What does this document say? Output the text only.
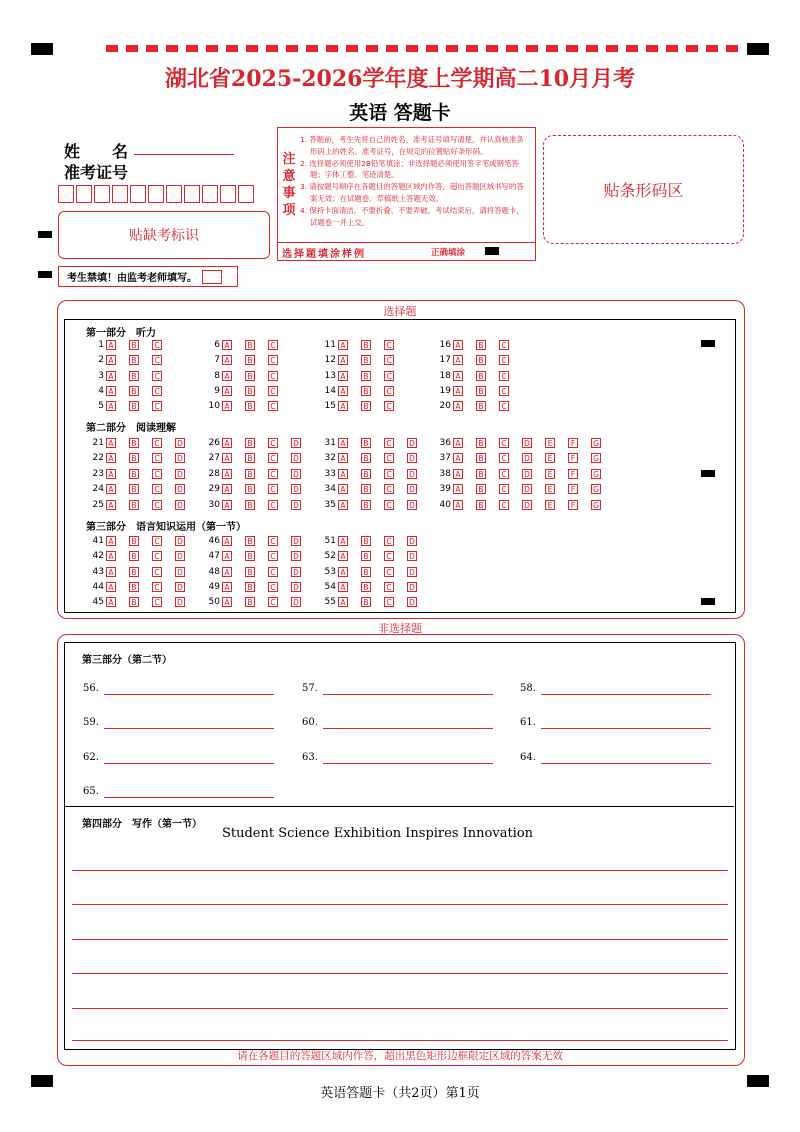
湖北省2025-2026学年度上学期高二10月月考
英语 答题卡
姓　　名
准考证号
贴缺考标识
考生禁填！由监考老师填写。
注
意
事
项
1. 答题前，考生先将自己的姓名、准考证号填写清楚，并认真核准条形码上的姓名、准考证号，在规定的位置贴好条形码。
2. 选择题必须使用2B铅笔填涂；非选择题必须使用签字笔或钢笔答题；字体工整、笔迹清楚。
3. 请按题号顺序在各题目的答题区域内作答，超出答题区域书写的答案无效；在试题卷、草稿纸上答题无效。
4. 保持卡面清洁，不要折叠、不要弄破。考试结束后，请将答题卡，试题卷一并上交。
选择题填涂样例	正确填涂
贴条形码区
选择题
第一部分　听力
第二部分　阅读理解
第三部分　语言知识运用（第一节）
1 A	B	C
2 A	B	C
3 A	B	C
4 A	B	C
5 A	B	C
6 A	B	C
7 A	B	C
8 A	B	C
9 A	B	C
10 A	B	C
11 A	B	C
12 A	B	C
13 A	B	C
14 A	B	C
15 A	B	C
16 A	B	C
17 A	B	C
18 A	B	C
19 A	B	C
20 A	B	C
21 A	B	C	D
22 A	B	C	D
23 A	B	C	D
24 A	B	C	D
25 A	B	C	D
26 A	B	C	D
27 A	B	C	D
28 A	B	C	D
29 A	B	C	D
30 A	B	C	D
31 A	B	C	D
32 A	B	C	D
33 A	B	C	D
34 A	B	C	D
35 A	B	C	D
36 A	B	C	D	E	F	G
37 A	B	C	D	E	F	G
38 A	B	C	D	E	F	G
39 A	B	C	D	E	F	G
40 A	B	C	D	E	F	G
41 A	B	C	D
42 A	B	C	D
43 A	B	C	D
44 A	B	C	D
45 A	B	C	D
46 A	B	C	D
47 A	B	C	D
48 A	B	C	D
49 A	B	C	D
50 A	B	C	D
51 A	B	C	D
52 A	B	C	D
53 A	B	C	D
54 A	B	C	D
55 A	B	C	D
非选择题
第三部分（第二节）
56.	57.	58.
59.	60.	61.
62.	63.	64.
65.
第四部分　写作（第一节）
Student Science Exhibition Inspires Innovation
请在各题目的答题区域内作答，超出黑色矩形边框限定区域的答案无效
英语答题卡（共2页）第1页
